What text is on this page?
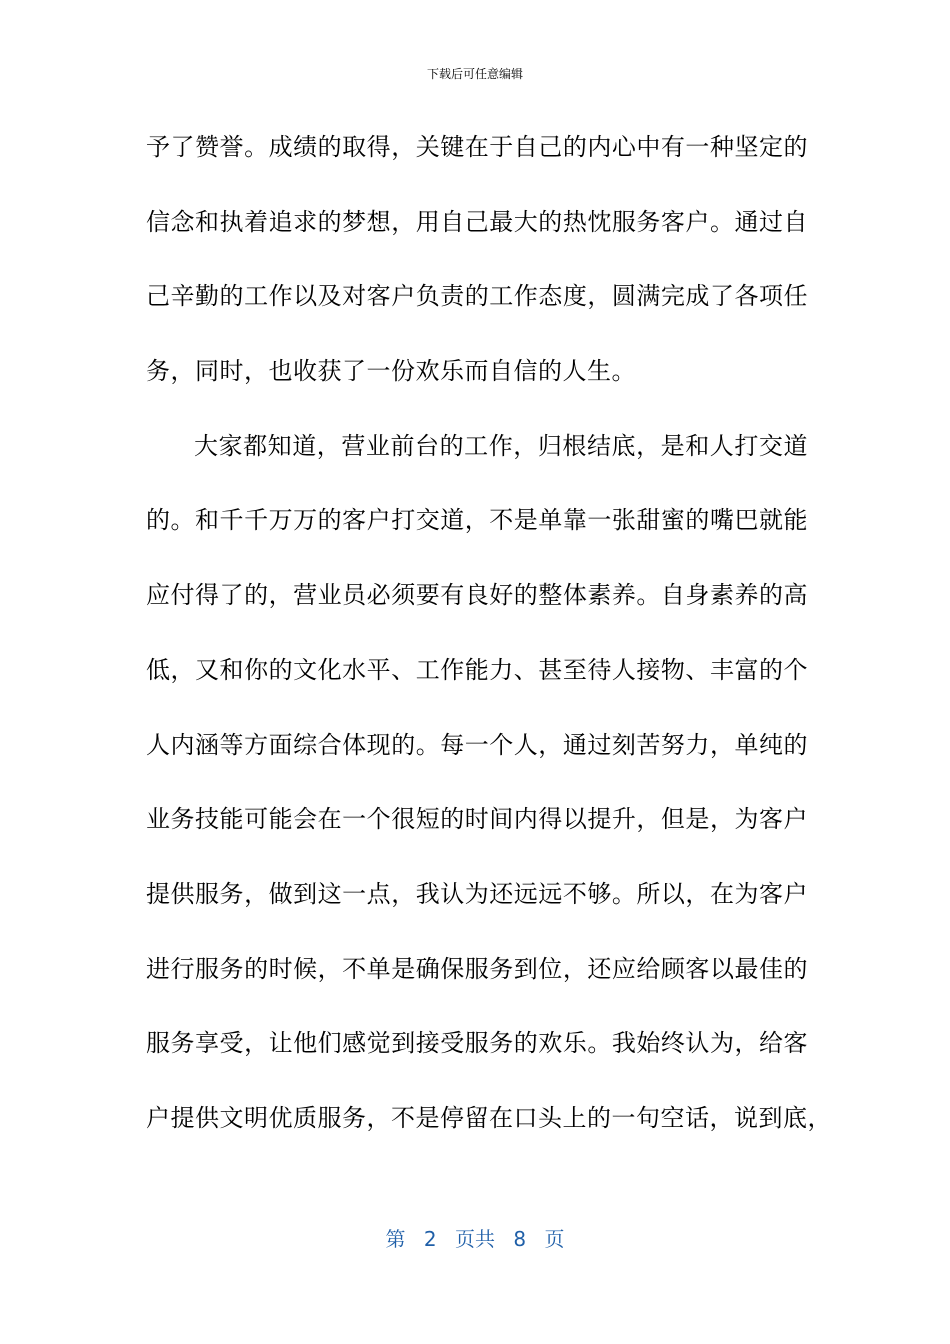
下载后可任意编辑
予了赞誉。成绩的取得，关键在于自己的内心中有一种坚定的
信念和执着追求的梦想，用自己最大的热忱服务客户。通过自
己辛勤的工作以及对客户负责的工作态度，圆满完成了各项任
务，同时，也收获了一份欢乐而自信的人生。
大家都知道，营业前台的工作，归根结底，是和人打交道
的。和千千万万的客户打交道，不是单靠一张甜蜜的嘴巴就能
应付得了的，营业员必须要有良好的整体素养。自身素养的高
低，又和你的文化水平、工作能力、甚至待人接物、丰富的个
人内涵等方面综合体现的。每一个人，通过刻苦努力，单纯的
业务技能可能会在一个很短的时间内得以提升，但是，为客户
提供服务，做到这一点，我认为还远远不够。所以，在为客户
进行服务的时候，不单是确保服务到位，还应给顾客以最佳的
服务享受，让他们感觉到接受服务的欢乐。我始终认为，给客
户提供文明优质服务，不是停留在口头上的一句空话，说到底，
第 2 页共 8 页
